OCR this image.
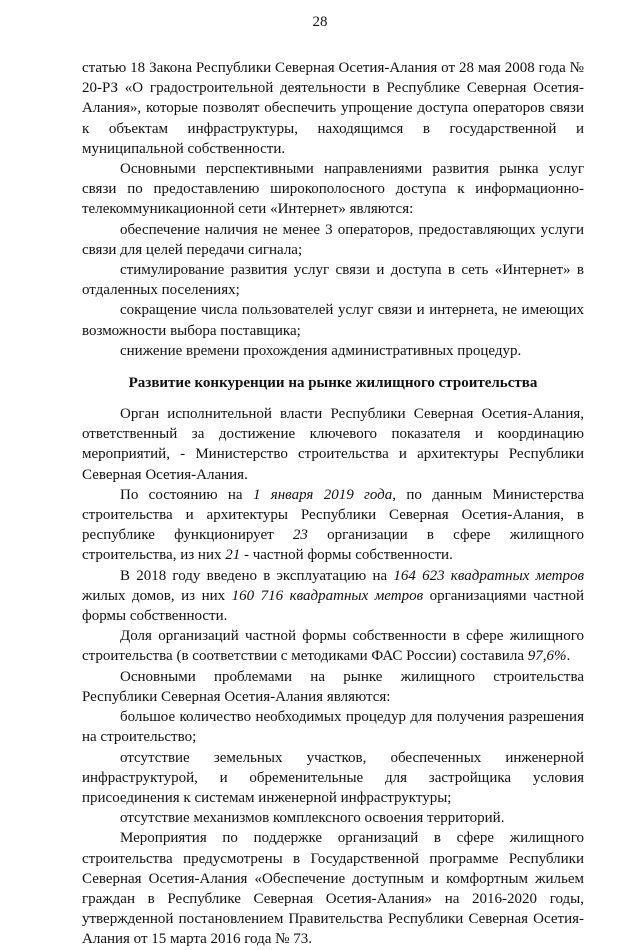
28

статью 18 Закона Республики Северная Осетия-Алания от 28 мая 2008 года № 20-РЗ «О градостроительной деятельности в Республике Северная Осетия-Алания», которые позволят обеспечить упрощение доступа операторов связи к объектам инфраструктуры, находящимся в государственной и муниципальной собственности.

Основными перспективными направлениями развития рынка услуг связи по предоставлению широкополосного доступа к информационно-телекоммуникационной сети «Интернет» являются:

обеспечение наличия не менее 3 операторов, предоставляющих услуги связи для целей передачи сигнала;

стимулирование развития услуг связи и доступа в сеть «Интернет» в отдаленных поселениях;

сокращение числа пользователей услуг связи и интернета, не имеющих возможности выбора поставщика;

снижение времени прохождения административных процедур.

Развитие конкуренции на рынке жилищного строительства

Орган исполнительной власти Республики Северная Осетия-Алания, ответственный за достижение ключевого показателя и координацию мероприятий, - Министерство строительства и архитектуры Республики Северная Осетия-Алания.

По состоянию на 1 января 2019 года, по данным Министерства строительства и архитектуры Республики Северная Осетия-Алания, в республике функционирует 23 организации в сфере жилищного строительства, из них 21 - частной формы собственности.

В 2018 году введено в эксплуатацию на 164 623 квадратных метров жилых домов, из них 160 716 квадратных метров организациями частной формы собственности.

Доля организаций частной формы собственности в сфере жилищного строительства (в соответствии с методиками ФАС России) составила 97,6%.

Основными проблемами на рынке жилищного строительства Республики Северная Осетия-Алания являются:

большое количество необходимых процедур для получения разрешения на строительство;

отсутствие земельных участков, обеспеченных инженерной инфраструктурой, и обременительные для застройщика условия присоединения к системам инженерной инфраструктуры;

отсутствие механизмов комплексного освоения территорий.

Мероприятия по поддержке организаций в сфере жилищного строительства предусмотрены в Государственной программе Республики Северная Осетия-Алания «Обеспечение доступным и комфортным жильем граждан в Республике Северная Осетия-Алания» на 2016-2020 годы, утвержденной постановлением Правительства Республики Северная Осетия-Алания от 15 марта 2016 года № 73.
